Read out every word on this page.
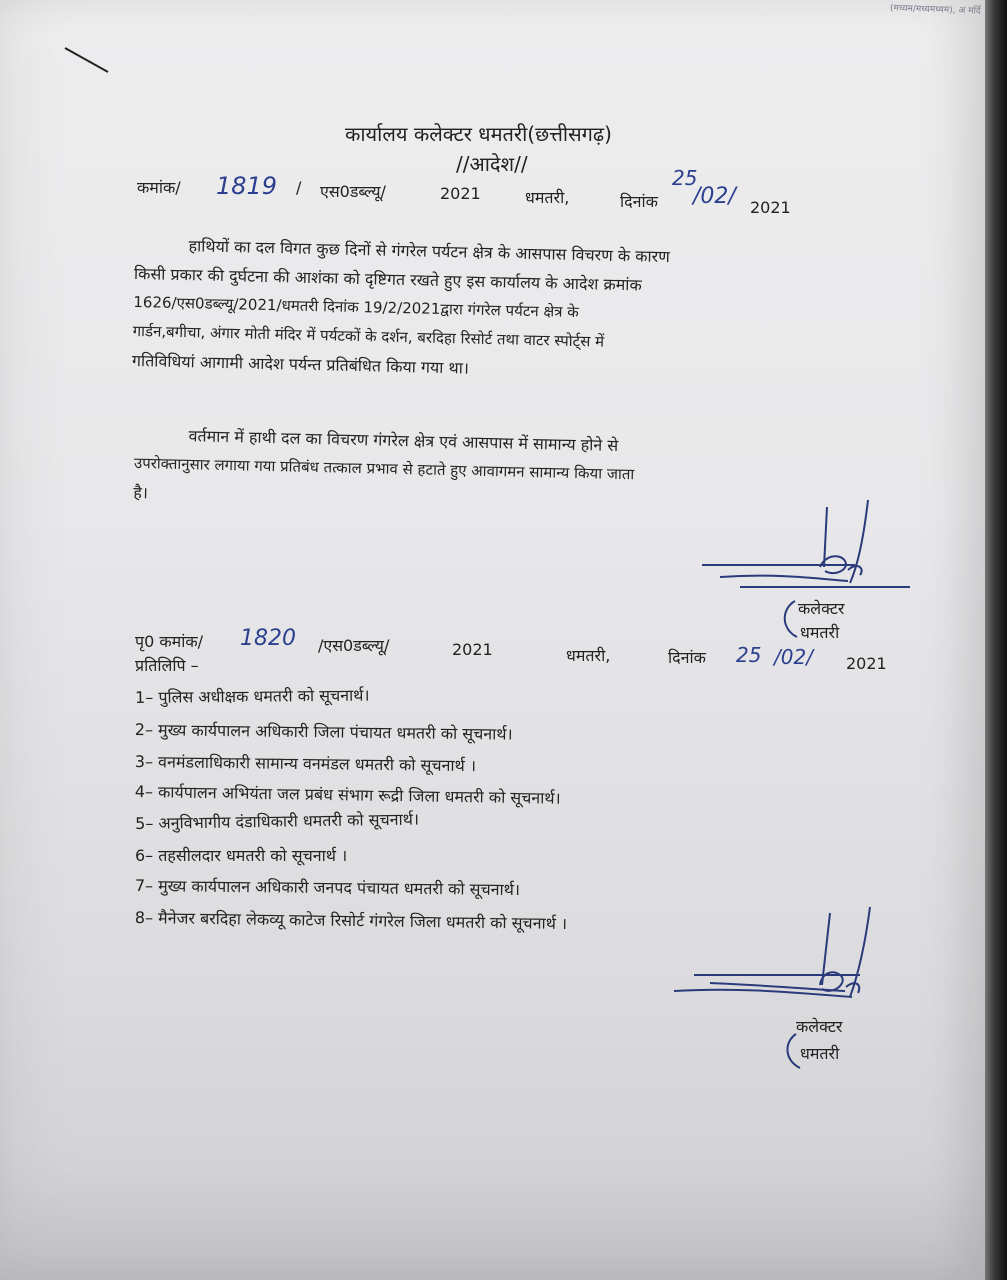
(मध्यम/मध्यमध्यम), अ मर्दि
कार्यालय कलेक्टर धमतरी(छत्तीसगढ़)
//आदेश//
कमांक/ 1819 / एस0डब्ल्यू/	2021	धमतरी,	दिनांक
25
/02/ 2021
हाथियों का दल विगत कुछ दिनों से गंगरेल पर्यटन क्षेत्र के आसपास विचरण के कारण
किसी प्रकार की दुर्घटना की आशंका को दृष्टिगत रखते हुए इस कार्यालय के आदेश क्रमांक
1626/एस0डब्ल्यू/2021/धमतरी दिनांक 19/2/2021द्वारा गंगरेल पर्यटन क्षेत्र के
गार्डन,बगीचा, अंगार मोती मंदिर में पर्यटकों के दर्शन, बरदिहा रिसोर्ट तथा वाटर स्पोर्ट्स में
गतिविधियां आगामी आदेश पर्यन्त प्रतिबंधित किया गया था।
वर्तमान में हाथी दल का विचरण गंगरेल क्षेत्र एवं आसपास में सामान्य होने से
उपरोक्तानुसार लगाया गया प्रतिबंध तत्काल प्रभाव से हटाते हुए आवागमन सामान्य किया जाता
है।
कलेक्टर
धमतरी
पृ0 कमांक/ 1820 /एस0डब्ल्यू/	2021	धमतरी,	दिनांक 25 /02/ 2021
प्रतिलिपि –
1– पुलिस अधीक्षक धमतरी को सूचनार्थ।
2– मुख्य कार्यपालन अधिकारी जिला पंचायत धमतरी को सूचनार्थ।
3– वनमंडलाधिकारी सामान्य वनमंडल धमतरी को सूचनार्थ ।
4– कार्यपालन अभियंता जल प्रबंध संभाग रूद्री जिला धमतरी को सूचनार्थ।
5– अनुविभागीय दंडाधिकारी धमतरी को सूचनार्थ।
6– तहसीलदार धमतरी को सूचनार्थ ।
7– मुख्य कार्यपालन अधिकारी जनपद पंचायत धमतरी को सूचनार्थ।
8– मैनेजर बरदिहा लेकव्यू काटेज रिसोर्ट गंगरेल जिला धमतरी को सूचनार्थ ।
कलेक्टर
धमतरी
